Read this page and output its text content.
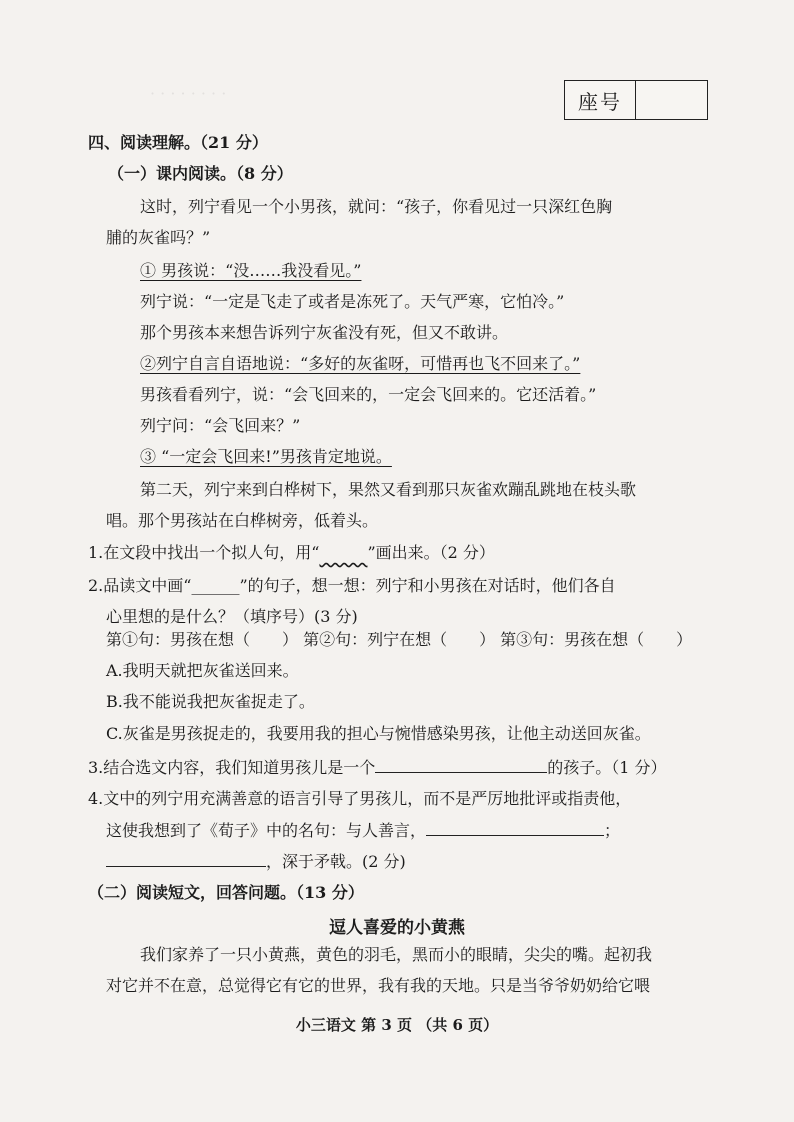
· · · · · · · ·	座号
四、阅读理解。（21 分）
（一）课内阅读。（8 分）
这时，列宁看见一个小男孩，就问：“孩子，你看见过一只深红色胸
脯的灰雀吗？”
① 男孩说：“没……我没看见。”
列宁说：“一定是飞走了或者是冻死了。天气严寒，它怕冷。”
那个男孩本来想告诉列宁灰雀没有死，但又不敢讲。
②列宁自言自语地说：“多好的灰雀呀，可惜再也飞不回来了。”
男孩看看列宁，说：“会飞回来的，一定会飞回来的。它还活着。”
列宁问：“会飞回来？”
③ “一定会飞回来!”男孩肯定地说。
第二天，列宁来到白桦树下，果然又看到那只灰雀欢蹦乱跳地在枝头歌
唱。那个男孩站在白桦树旁，低着头。
1.在文段中找出一个拟人句，用“　　　	”画出来。（2 分）
2.品读文中画“______”的句子，想一想：列宁和小男孩在对话时，他们各自
心里想的是什么？（填序号）(3 分)
第①句：男孩在想（　　） 第②句：列宁在想（　　） 第③句：男孩在想（　　）
A.我明天就把灰雀送回来。
B.我不能说我把灰雀捉走了。
C.灰雀是男孩捉走的，我要用我的担心与惋惜感染男孩，让他主动送回灰雀。
3.结合选文内容，我们知道男孩儿是一个	的孩子。（1 分）
4.文中的列宁用充满善意的语言引导了男孩儿，而不是严厉地批评或指责他，
这使我想到了《荀子》中的名句：与人善言，	；
，深于矛戟。(2 分)
（二）阅读短文，回答问题。（13 分）
逗人喜爱的小黄燕
我们家养了一只小黄燕，黄色的羽毛，黑而小的眼睛，尖尖的嘴。起初我
对它并不在意，总觉得它有它的世界，我有我的天地。只是当爷爷奶奶给它喂
小三语文 第 3 页 （共 6 页）
